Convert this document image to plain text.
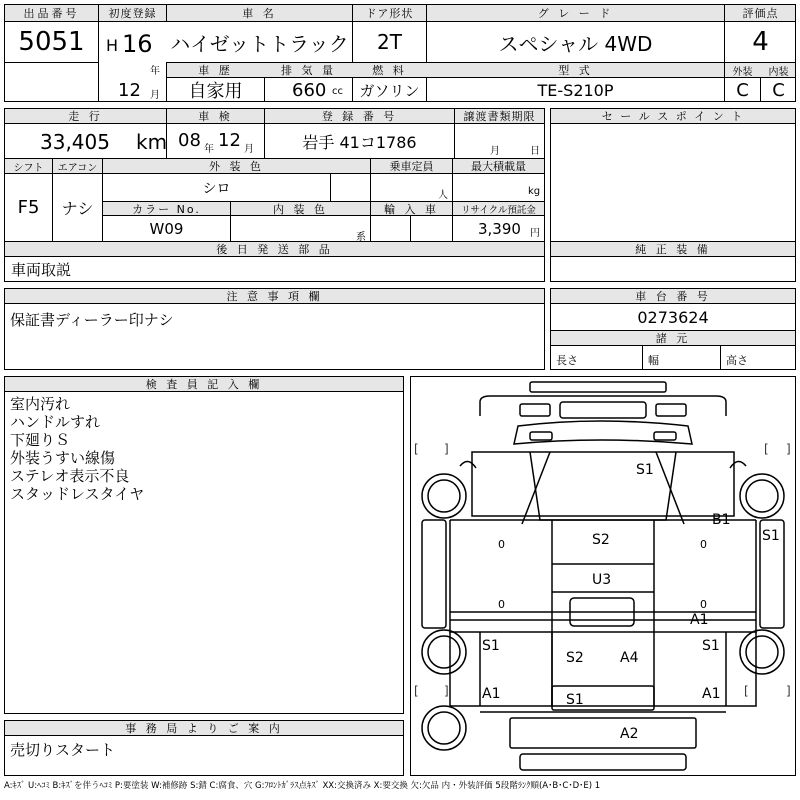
出品番号
5051
初度登録
H 16
年
12 月
車 名
ハイゼットトラック
ドア形状
2T
グ レ ー ド
スペシャル 4WD
評価点
4
車 歴
自家用
排 気 量
660 cc
燃 料
ガソリン
型 式
TE-S210P
外装	内装
C	C
走 行
33,405 km
車 検
08 年 12 月
登 録 番 号
岩手 41コ1786
譲渡書類期限
月	日
シフト
F5
エアコン
ナシ
外 装 色
シロ
乗車定員
人
最大積載量
kg
カラー No.
W09
内 装 色
系
輸 入 車	リサイクル預託金
3,390 円
後 日 発 送 部 品
車両取説
セ ー ル ス ポ イ ン ト
純 正 装 備
注 意 事 項 欄
保証書ディーラー印ナシ
車 台 番 号
0273624
諸 元
長さ	幅	高さ
検 査 員 記 入 欄
室内汚れ
ハンドルすれ
下廻りＳ
外装うすい線傷
ステレオ表示不良
スタッドレスタイヤ
事 務 局 よ り ご 案 内
売切りスタート
[ ]	[ ]
[ ]	[	]
0	0
0	0
S1
B1
S1
S2
U3
A1
S1
S2	A4
S1
A1	S1	A1
A2
A:ｷｽﾞ U:ﾍｺﾐ B:ｷｽﾞを伴うﾍｺﾐ P:要塗装 W:補修跡 S:錆 C:腐食、穴 G:ﾌﾛﾝﾄｶﾞﾗｽ点ｷｽﾞ XX:交換済み X:要交換 欠:欠品 内・外装評価 5段階ﾗﾝｸ順(A･B･C･D･E) 1
